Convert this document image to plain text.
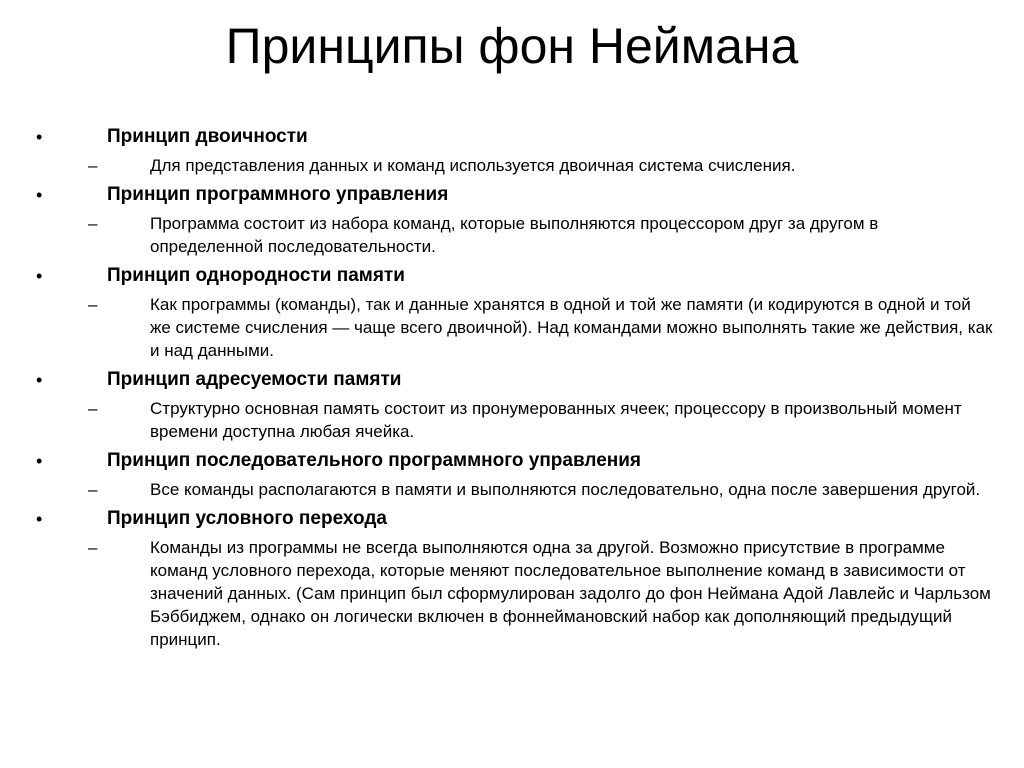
Принципы фон Неймана
•	Принцип двоичности
–	Для представления данных и команд используется двоичная система счисления.
•	Принцип программного управления
–	Программа состоит из набора команд, которые выполняются процессором друг за другом в определенной последовательности.
•	Принцип однородности памяти
–	Как программы (команды), так и данные хранятся в одной и той же памяти (и кодируются в одной и той же системе счисления — чаще всего двоичной). Над командами можно выполнять такие же действия, как и над данными.
•	Принцип адресуемости памяти
–	Структурно основная память состоит из пронумерованных ячеек; процессору в произвольный момент времени доступна любая ячейка.
•	Принцип последовательного программного управления
–	Все команды располагаются в памяти и выполняются последовательно, одна после завершения другой.
•	Принцип условного перехода
–	Команды из программы не всегда выполняются одна за другой. Возможно присутствие в программе команд условного перехода, которые меняют последовательное выполнение команд в зависимости от значений данных. (Сам принцип был сформулирован задолго до фон Неймана Адой Лавлейс и Чарльзом Бэббиджем, однако он логически включен в фоннеймановский набор как дополняющий предыдущий принцип.
